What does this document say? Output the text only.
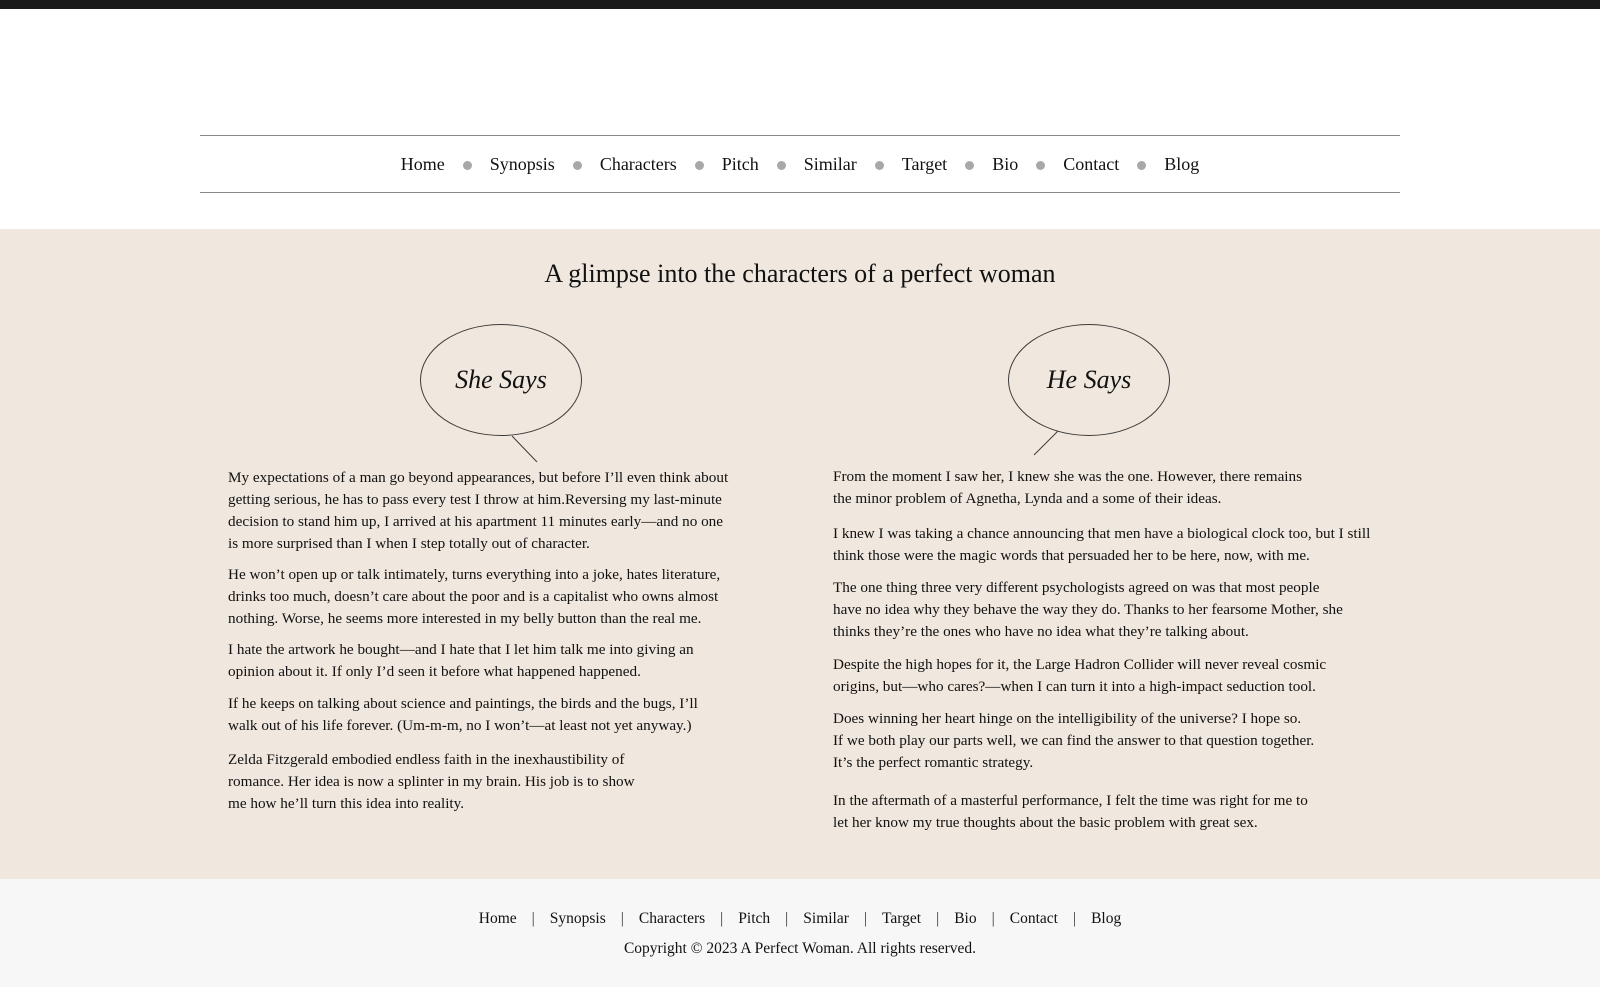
Home	Synopsis	Characters	Pitch	Similar	Target	Bio	Contact	Blog
A glimpse into the characters of a perfect woman
She Says	He Says

My expectations of a man go beyond appearances, but before I’ll even think about
getting serious, he has to pass every test I throw at him.Reversing my last-minute
decision to stand him up, I arrived at his apartment 11 minutes early—and no one
is more surprised than I when I step totally out of character.

He won’t open up or talk intimately, turns everything into a joke, hates literature,
drinks too much, doesn’t care about the poor and is a capitalist who owns almost
nothing. Worse, he seems more interested in my belly button than the real me.

I hate the artwork he bought—and I hate that I let him talk me into giving an
opinion about it. If only I’d seen it before what happened happened.

If he keeps on talking about science and paintings, the birds and the bugs, I’ll
walk out of his life forever. (Um-m-m, no I won’t—at least not yet anyway.)

Zelda Fitzgerald embodied endless faith in the inexhaustibility of
romance. Her idea is now a splinter in my brain. His job is to show
me how he’ll turn this idea into reality.

From the moment I saw her, I knew she was the one. However, there remains
the minor problem of Agnetha, Lynda and a some of their ideas.

I knew I was taking a chance announcing that men have a biological clock too, but I still
think those were the magic words that persuaded her to be here, now, with me.

The one thing three very different psychologists agreed on was that most people
have no idea why they behave the way they do. Thanks to her fearsome Mother, she
thinks they’re the ones who have no idea what they’re talking about.

Despite the high hopes for it, the Large Hadron Collider will never reveal cosmic
origins, but—who cares?—when I can turn it into a high-impact seduction tool.

Does winning her heart hinge on the intelligibility of the universe? I hope so.
If we both play our parts well, we can find the answer to that question together.
It’s the perfect romantic strategy.

In the aftermath of a masterful performance, I felt the time was right for me to
let her know my true thoughts about the basic problem with great sex.

Home | Synopsis | Characters | Pitch | Similar | Target | Bio | Contact | Blog
Copyright © 2023 A Perfect Woman. All rights reserved.
